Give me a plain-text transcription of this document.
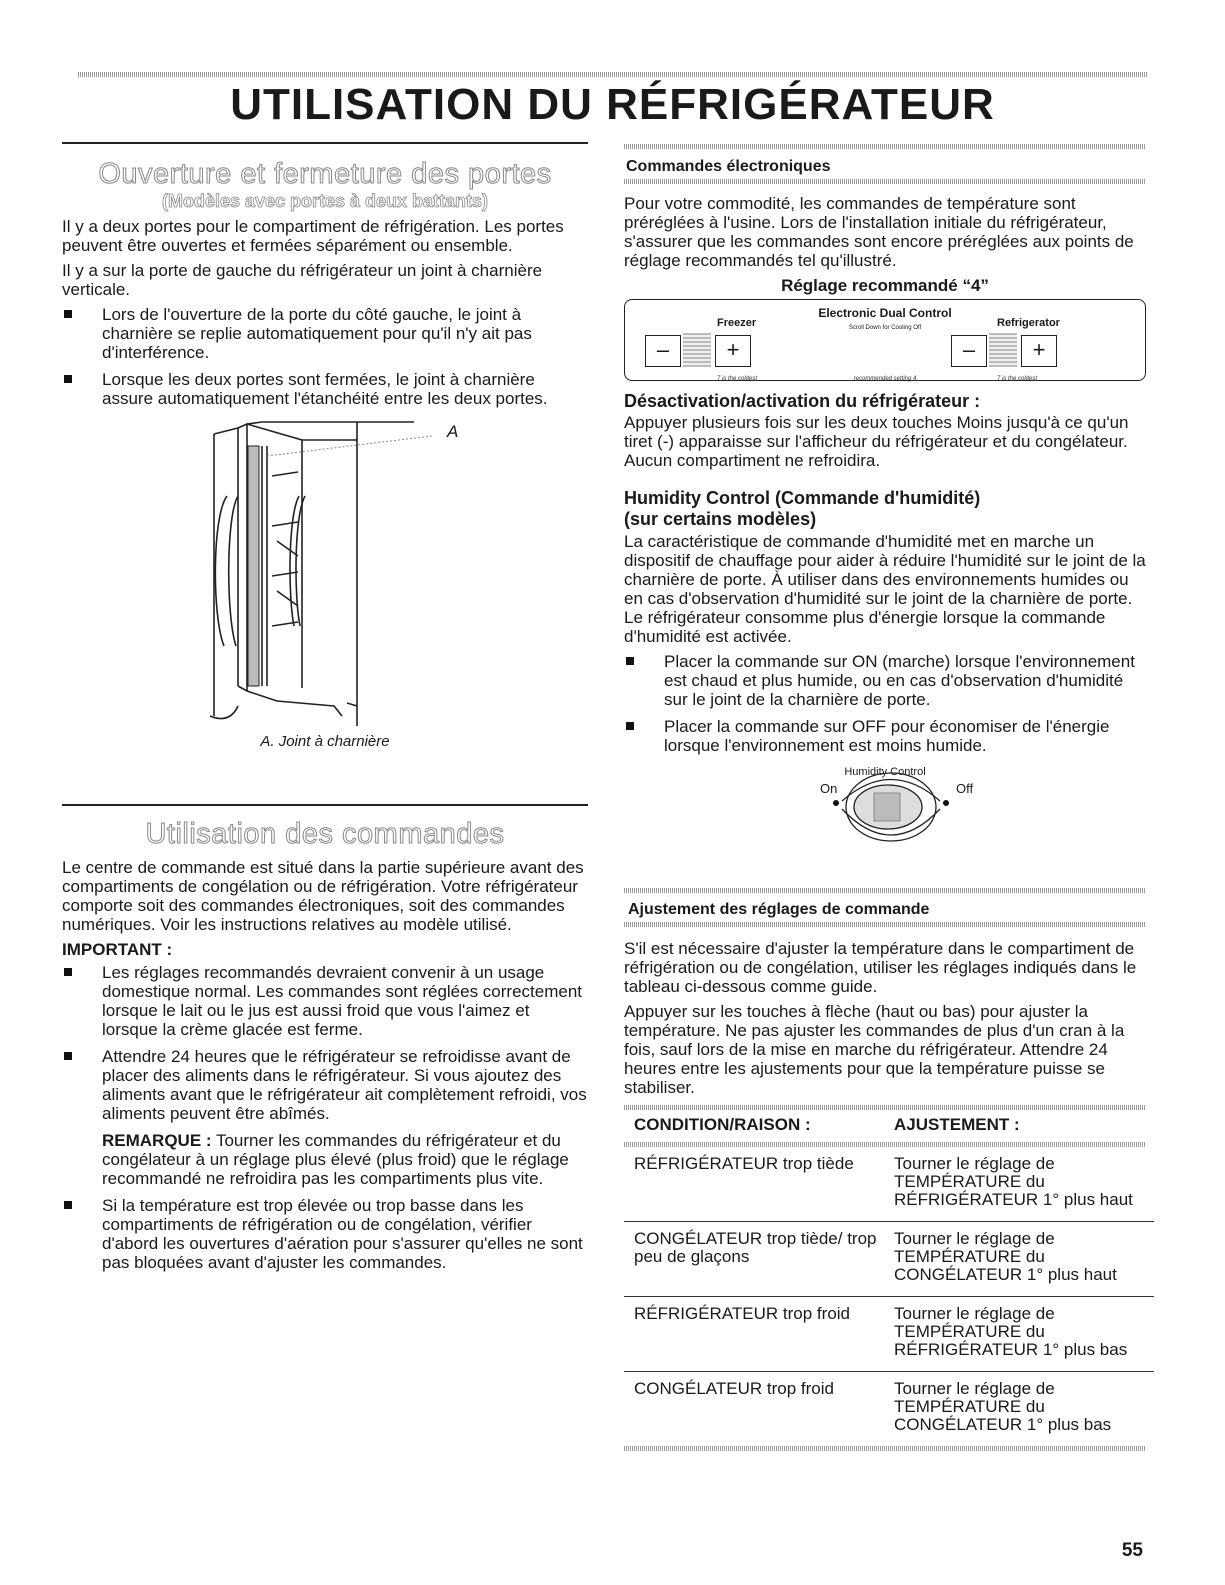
UTILISATION DU RÉFRIGÉRATEUR
Ouverture et fermeture des portes
(Modèles avec portes à deux battants)

Il y a deux portes pour le compartiment de réfrigération. Les portes peuvent être ouvertes et fermées séparément ou ensemble.

Il y a sur la porte de gauche du réfrigérateur un joint à charnière verticale.

Lors de l'ouverture de la porte du côté gauche, le joint à charnière se replie automatiquement pour qu'il n'y ait pas d'interférence.
Lorsque les deux portes sont fermées, le joint à charnière assure automatiquement l'étanchéité entre les deux portes.
A
A. Joint à charnière
Utilisation des commandes

Le centre de commande est situé dans la partie supérieure avant des compartiments de congélation ou de réfrigération. Votre réfrigérateur comporte soit des commandes électroniques, soit des commandes numériques. Voir les instructions relatives au modèle utilisé.

IMPORTANT :
Les réglages recommandés devraient convenir à un usage domestique normal. Les commandes sont réglées correctement lorsque le lait ou le jus est aussi froid que vous l'aimez et lorsque la crème glacée est ferme.
Attendre 24 heures que le réfrigérateur se refroidisse avant de placer des aliments dans le réfrigérateur. Si vous ajoutez des aliments avant que le réfrigérateur ait complètement refroidi, vos aliments peuvent être abîmés.
REMARQUE : Tourner les commandes du réfrigérateur et du congélateur à un réglage plus élevé (plus froid) que le réglage recommandé ne refroidira pas les compartiments plus vite.
Si la température est trop élevée ou trop basse dans les compartiments de réfrigération ou de congélation, vérifier d'abord les ouvertures d'aération pour s'assurer qu'elles ne sont pas bloquées avant d'ajuster les commandes.
Commandes électroniques

Pour votre commodité, les commandes de température sont préréglées à l'usine. Lors de l'installation initiale du réfrigérateur, s'assurer que les commandes sont encore préréglées aux points de réglage recommandés tel qu'illustré.

Réglage recommandé “4”
Electronic Dual Control
Freezer	Scroll Down for Cooling Off	Refrigerator
–	+	–	+
7 is the coldest	recommended setting 4	7 is the coldest
Désactivation/activation du réfrigérateur :

Appuyer plusieurs fois sur les deux touches Moins jusqu'à ce qu'un tiret (-) apparaisse sur l'afficheur du réfrigérateur et du congélateur. Aucun compartiment ne refroidira.

Humidity Control (Commande d'humidité)
(sur certains modèles)

La caractéristique de commande d'humidité met en marche un dispositif de chauffage pour aider à réduire l'humidité sur le joint de la charnière de porte. À utiliser dans des environnements humides ou en cas d'observation d'humidité sur le joint de la charnière de porte. Le réfrigérateur consomme plus d'énergie lorsque la commande d'humidité est activée.

Placer la commande sur ON (marche) lorsque l'environnement est chaud et plus humide, ou en cas d'observation d'humidité sur le joint de la charnière de porte.
Placer la commande sur OFF pour économiser de l'énergie lorsque l'environnement est moins humide.
Humidity Control
On	Off
Ajustement des réglages de commande

S'il est nécessaire d'ajuster la température dans le compartiment de réfrigération ou de congélation, utiliser les réglages indiqués dans le tableau ci-dessous comme guide.

Appuyer sur les touches à flèche (haut ou bas) pour ajuster la température. Ne pas ajuster les commandes de plus d'un cran à la fois, sauf lors de la mise en marche du réfrigérateur. Attendre 24 heures entre les ajustements pour que la température puisse se stabiliser.

CONDITION/RAISON :	AJUSTEMENT :

RÉFRIGÉRATEUR trop tiède	Tourner le réglage de TEMPÉRATURE du RÉFRIGÉRATEUR 1° plus haut
CONGÉLATEUR trop tiède/ trop peu de glaçons	Tourner le réglage de TEMPÉRATURE du CONGÉLATEUR 1° plus haut
RÉFRIGÉRATEUR trop froid	Tourner le réglage de TEMPÉRATURE du RÉFRIGÉRATEUR 1° plus bas
CONGÉLATEUR trop froid	Tourner le réglage de TEMPÉRATURE du CONGÉLATEUR 1° plus bas
55
